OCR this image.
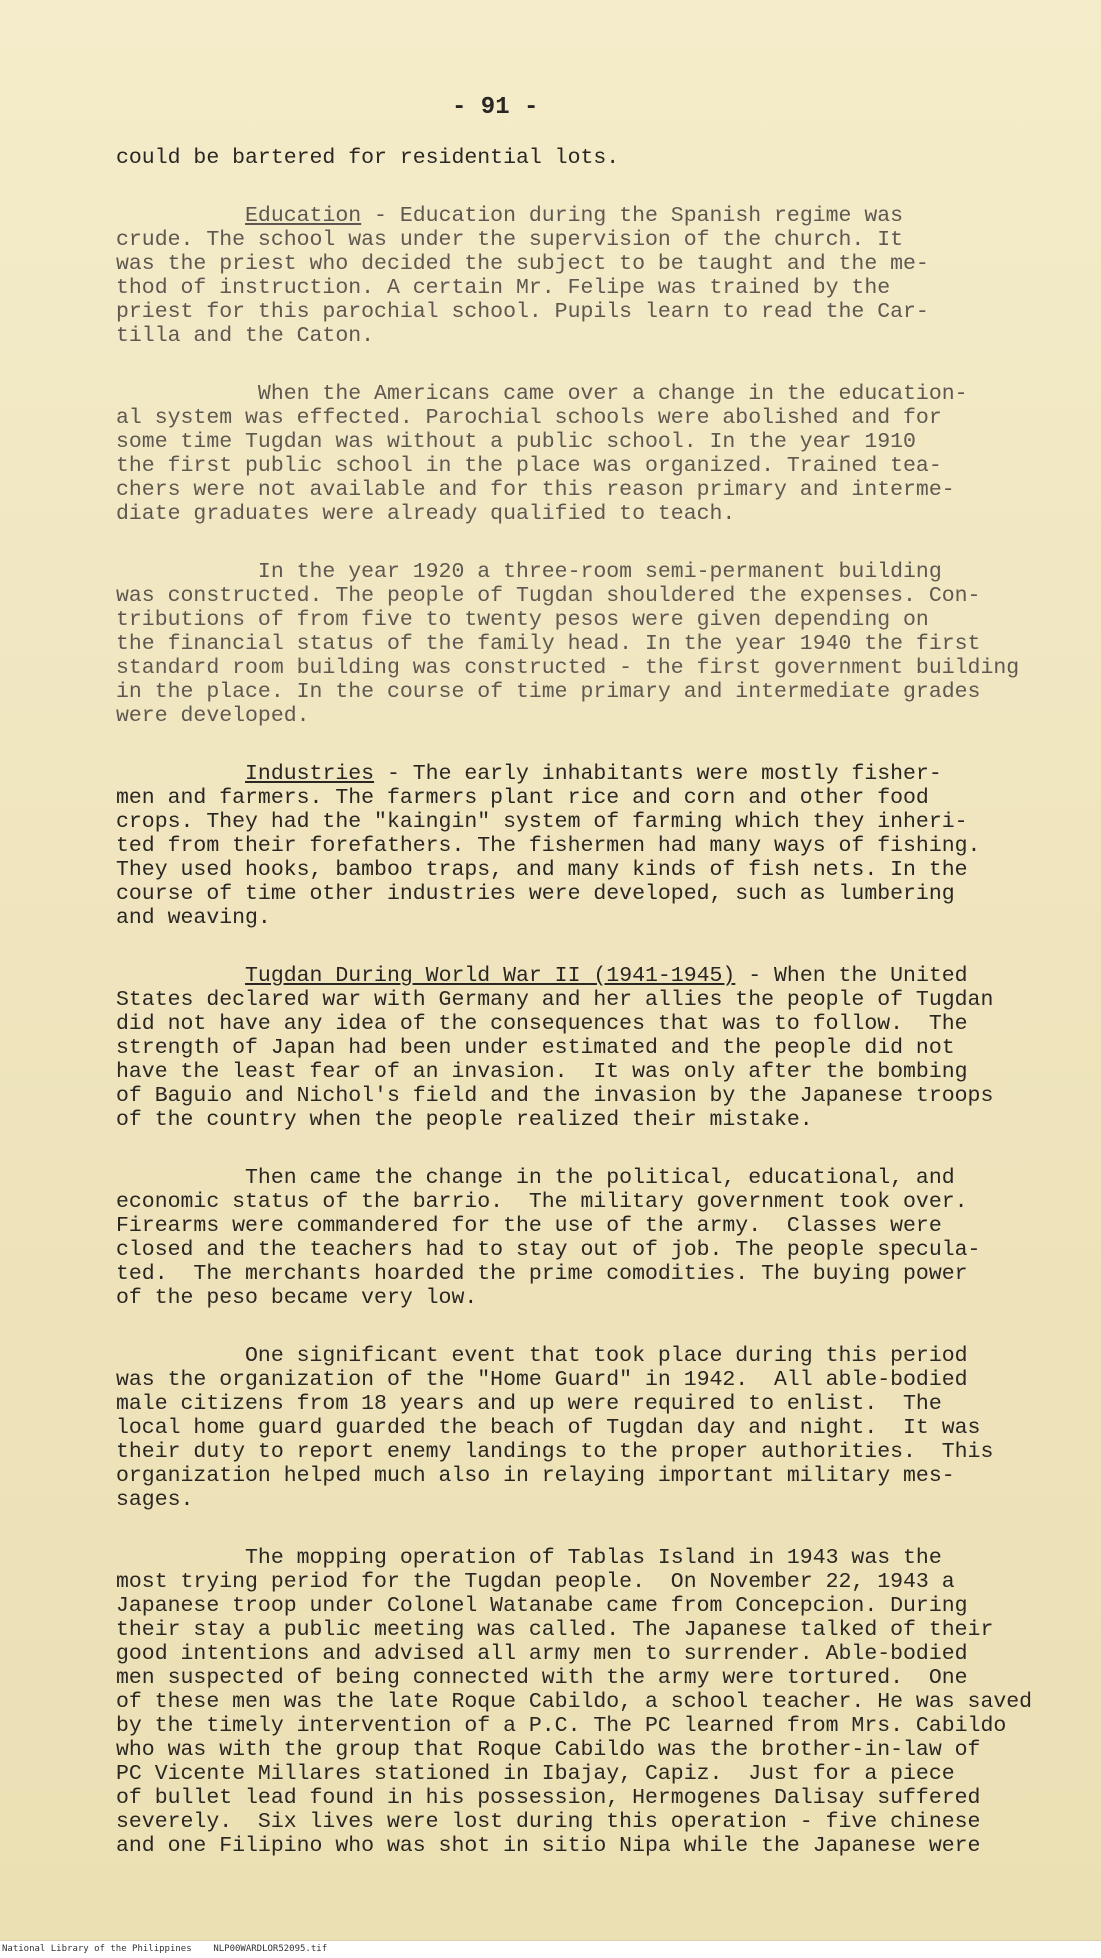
- 91 -
could be bartered for residential lots.
Education - Education during the Spanish regime was
crude. The school was under the supervision of the church. It
was the priest who decided the subject to be taught and the me-
thod of instruction. A certain Mr. Felipe was trained by the
priest for this parochial school. Pupils learn to read the Car-
tilla and the Caton.
When the Americans came over a change in the education-
al system was effected. Parochial schools were abolished and for
some time Tugdan was without a public school. In the year 1910
the first public school in the place was organized. Trained tea-
chers were not available and for this reason primary and interme-
diate graduates were already qualified to teach.
In the year 1920 a three-room semi-permanent building
was constructed. The people of Tugdan shouldered the expenses. Con-
tributions of from five to twenty pesos were given depending on
the financial status of the family head. In the year 1940 the first
standard room building was constructed - the first government building
in the place. In the course of time primary and intermediate grades
were developed.
Industries - The early inhabitants were mostly fisher-
men and farmers. The farmers plant rice and corn and other food
crops. They had the "kaingin" system of farming which they inheri-
ted from their forefathers. The fishermen had many ways of fishing.
They used hooks, bamboo traps, and many kinds of fish nets. In the
course of time other industries were developed, such as lumbering
and weaving.
Tugdan During World War II (1941-1945) - When the United
States declared war with Germany and her allies the people of Tugdan
did not have any idea of the consequences that was to follow.  The
strength of Japan had been under estimated and the people did not
have the least fear of an invasion.  It was only after the bombing
of Baguio and Nichol's field and the invasion by the Japanese troops
of the country when the people realized their mistake.
Then came the change in the political, educational, and
economic status of the barrio.  The military government took over.
Firearms were commandered for the use of the army.  Classes were
closed and the teachers had to stay out of job. The people specula-
ted.  The merchants hoarded the prime comodities. The buying power
of the peso became very low.
One significant event that took place during this period
was the organization of the "Home Guard" in 1942.  All able-bodied
male citizens from 18 years and up were required to enlist.  The
local home guard guarded the beach of Tugdan day and night.  It was
their duty to report enemy landings to the proper authorities.  This
organization helped much also in relaying important military mes-
sages.
The mopping operation of Tablas Island in 1943 was the
most trying period for the Tugdan people.  On November 22, 1943 a
Japanese troop under Colonel Watanabe came from Concepcion. During
their stay a public meeting was called. The Japanese talked of their
good intentions and advised all army men to surrender. Able-bodied
men suspected of being connected with the army were tortured.  One
of these men was the late Roque Cabildo, a school teacher. He was saved
by the timely intervention of a P.C. The PC learned from Mrs. Cabildo
who was with the group that Roque Cabildo was the brother-in-law of
PC Vicente Millares stationed in Ibajay, Capiz.  Just for a piece
of bullet lead found in his possession, Hermogenes Dalisay suffered
severely.  Six lives were lost during this operation - five chinese
and one Filipino who was shot in sitio Nipa while the Japanese were
National Library of the Philippines    NLP00WARDLOR52095.tif
